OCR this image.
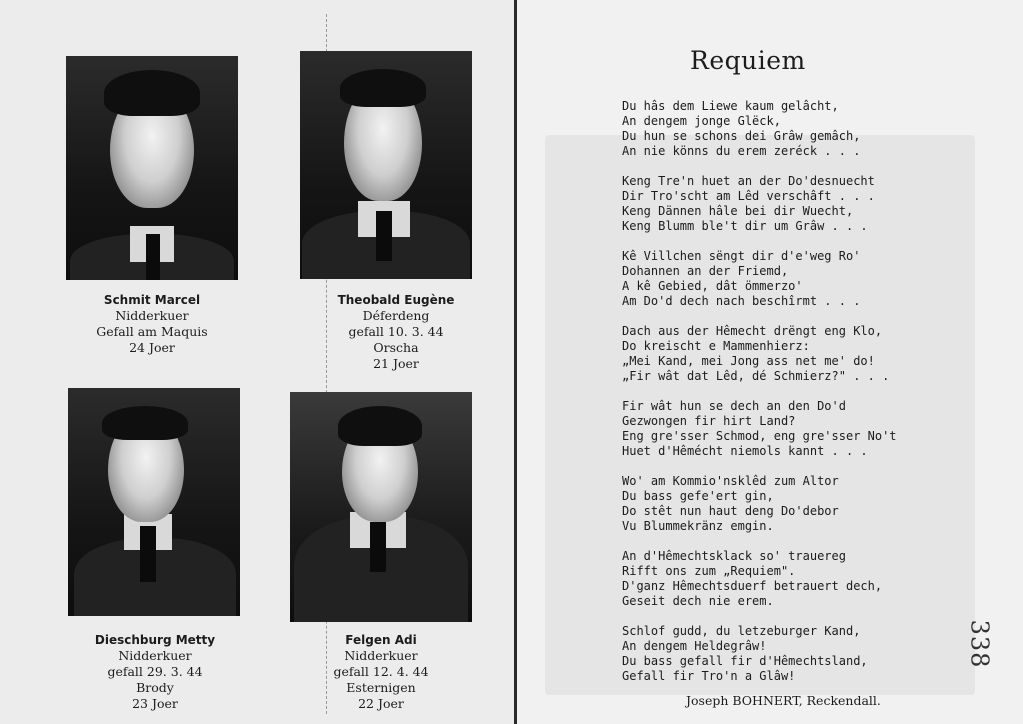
Schmit Marcel
Nidderkuer
Gefall am Maquis
24 Joer
Theobald Eugène
Déferdeng
gefall 10. 3. 44
Orscha
21 Joer
Dieschburg Metty
Nidderkuer
gefall 29. 3. 44
Brody
23 Joer
Felgen Adi
Nidderkuer
gefall 12. 4. 44
Esternigen
22 Joer
Requiem
Du hâs dem Liewe kaum gelâcht,
An dengem jonge Glëck,
Du hun se schons dei Grâw gemâch,
An nie könns du erem zeréck . . .
Keng Tre'n huet an der Do'desnuecht
Dir Tro'scht am Lêd verschâft . . .
Keng Dännen hâle bei dir Wuecht,
Keng Blumm ble't dir um Grâw . . .
Kê Villchen sëngt dir d'e'weg Ro'
Dohannen an der Friemd,
A kê Gebied, dât ömmerzo'
Am Do'd dech nach beschîrmt . . .
Dach aus der Hêmecht drëngt eng Klo,
Do kreischt e Mammenhierz:
„Mei Kand, mei Jong ass net me' do!
„Fir wât dat Lêd, dé Schmierz?" . . .
Fir wât hun se dech an den Do'd
Gezwongen fir hirt Land?
Eng gre'sser Schmod, eng gre'sser No't
Huet d'Hêmécht niemols kannt . . .
Wo' am Kommio'nsklêd zum Altor
Du bass gefe'ert gin,
Do stêt nun haut deng Do'debor
Vu Blummekränz emgin.
An d'Hêmechtsklack so' trauereg
Rifft ons zum „Requiem".
D'ganz Hêmechtsduerf betrauert dech,
Geseit dech nie erem.
Schlof gudd, du letzeburger Kand,
An dengem Heldegrâw!
Du bass gefall fir d'Hêmechtsland,
Gefall fir Tro'n a Glâw!
Joseph BOHNERT, Reckendall.
338
